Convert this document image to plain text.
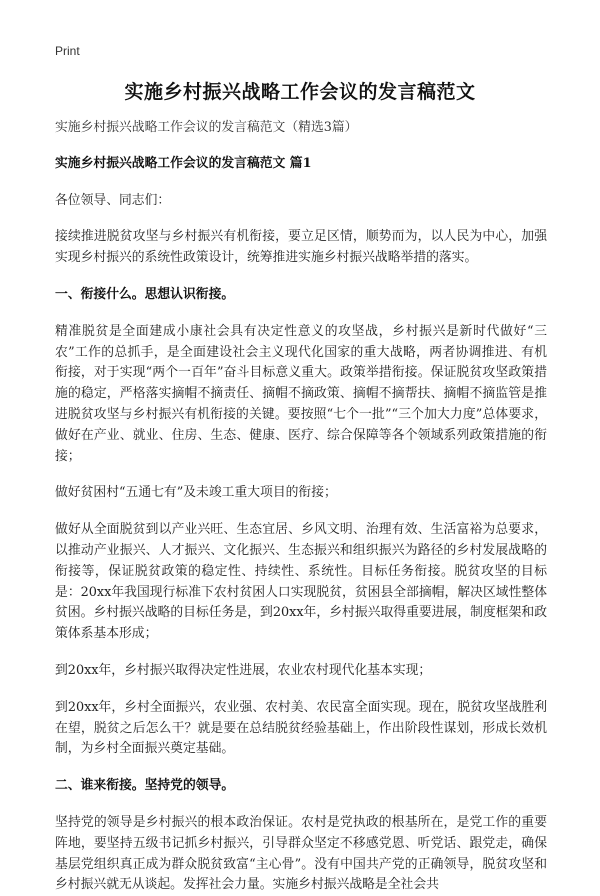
Print
实施乡村振兴战略工作会议的发言稿范文

实施乡村振兴战略工作会议的发言稿范文（精选3篇）

实施乡村振兴战略工作会议的发言稿范文 篇1

各位领导、同志们：

接续推进脱贫攻坚与乡村振兴有机衔接，要立足区情，顺势而为，以人民为中心，加强实现乡村振兴的系统性政策设计，统筹推进实施乡村振兴战略举措的落实。

一、衔接什么。思想认识衔接。

精准脱贫是全面建成小康社会具有决定性意义的攻坚战，乡村振兴是新时代做好“三农”工作的总抓手，是全面建设社会主义现代化国家的重大战略，两者协调推进、有机衔接，对于实现“两个一百年”奋斗目标意义重大。政策举措衔接。保证脱贫攻坚政策措施的稳定，严格落实摘帽不摘责任、摘帽不摘政策、摘帽不摘帮扶、摘帽不摘监管是推进脱贫攻坚与乡村振兴有机衔接的关键。要按照“七个一批”“三个加大力度”总体要求，做好在产业、就业、住房、生态、健康、医疗、综合保障等各个领域系列政策措施的衔接；

做好贫困村“五通七有”及未竣工重大项目的衔接；

做好从全面脱贫到以产业兴旺、生态宜居、乡风文明、治理有效、生活富裕为总要求，以推动产业振兴、人才振兴、文化振兴、生态振兴和组织振兴为路径的乡村发展战略的衔接等，保证脱贫政策的稳定性、持续性、系统性。目标任务衔接。脱贫攻坚的目标是：20xx年我国现行标准下农村贫困人口实现脱贫，贫困县全部摘帽，解决区域性整体贫困。乡村振兴战略的目标任务是，到20xx年，乡村振兴取得重要进展，制度框架和政策体系基本形成；

到20xx年，乡村振兴取得决定性进展，农业农村现代化基本实现；

到20xx年，乡村全面振兴，农业强、农村美、农民富全面实现。现在，脱贫攻坚战胜利在望，脱贫之后怎么干？就是要在总结脱贫经验基础上，作出阶段性谋划，形成长效机制，为乡村全面振兴奠定基础。

二、谁来衔接。坚持党的领导。

坚持党的领导是乡村振兴的根本政治保证。农村是党执政的根基所在，是党工作的重要阵地，要坚持五级书记抓乡村振兴，引导群众坚定不移感党恩、听党话、跟党走，确保基层党组织真正成为群众脱贫致富“主心骨”。没有中国共产党的正确领导，脱贫攻坚和乡村振兴就无从谈起。发挥社会力量。实施乡村振兴战略是全社会共
